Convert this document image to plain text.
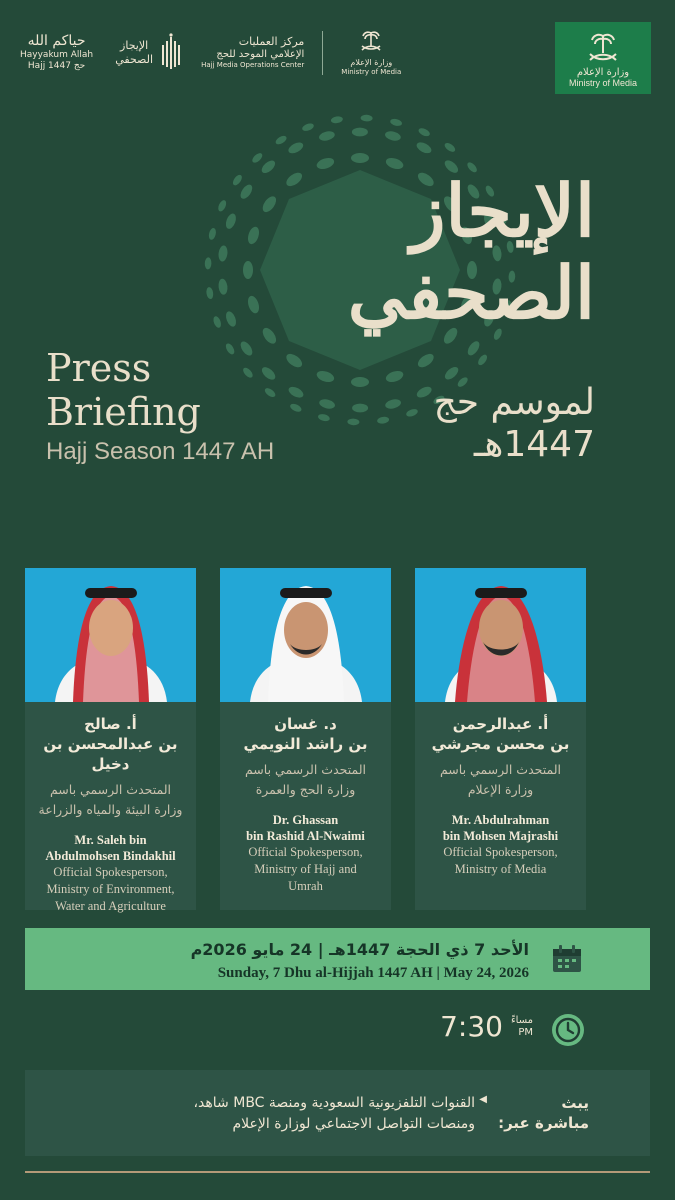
حياكم الله
Hayyakum Allah
Hajj 1447 حج
الإيجاز الصحفي
مركز العمليات
الإعلامي الموحد للحج
Hajj Media Operations Center	وزارة الإعلام
Ministry of Media	وزارة الإعلام
Ministry of Media
الإيجاز
الصحفي
لموسم حج
1447هـ
Press
Briefing
Hajj Season 1447 AH
أ. صالح
بن عبدالمحسن بن دخيل
المتحدث الرسمي باسم
وزارة البيئة والمياه والزراعة
Mr. Saleh bin
Abdulmohsen Bindakhil
Official Spokesperson,
Ministry of Environment,
Water and Agriculture
د. غسان
بن راشد النويمي
المتحدث الرسمي باسم
وزارة الحج والعمرة
Dr. Ghassan
bin Rashid Al-Nwaimi
Official Spokesperson,
Ministry of Hajj and
Umrah
أ. عبدالرحمن
بن محسن مجرشي
المتحدث الرسمي باسم
وزارة الإعلام
Mr. Abdulrahman
bin Mohsen Majrashi
Official Spokesperson,
Ministry of Media
الأحد 7 ذي الحجة 1447هـ | 24 مايو 2026م
Sunday, 7 Dhu al-Hijjah 1447 AH | May 24, 2026
7:30 مساءً
PM
يبث
مباشرة عبر:
◀
القنوات التلفزيونية السعودية ومنصة MBC شاهد،
ومنصات التواصل الاجتماعي لوزارة الإعلام
